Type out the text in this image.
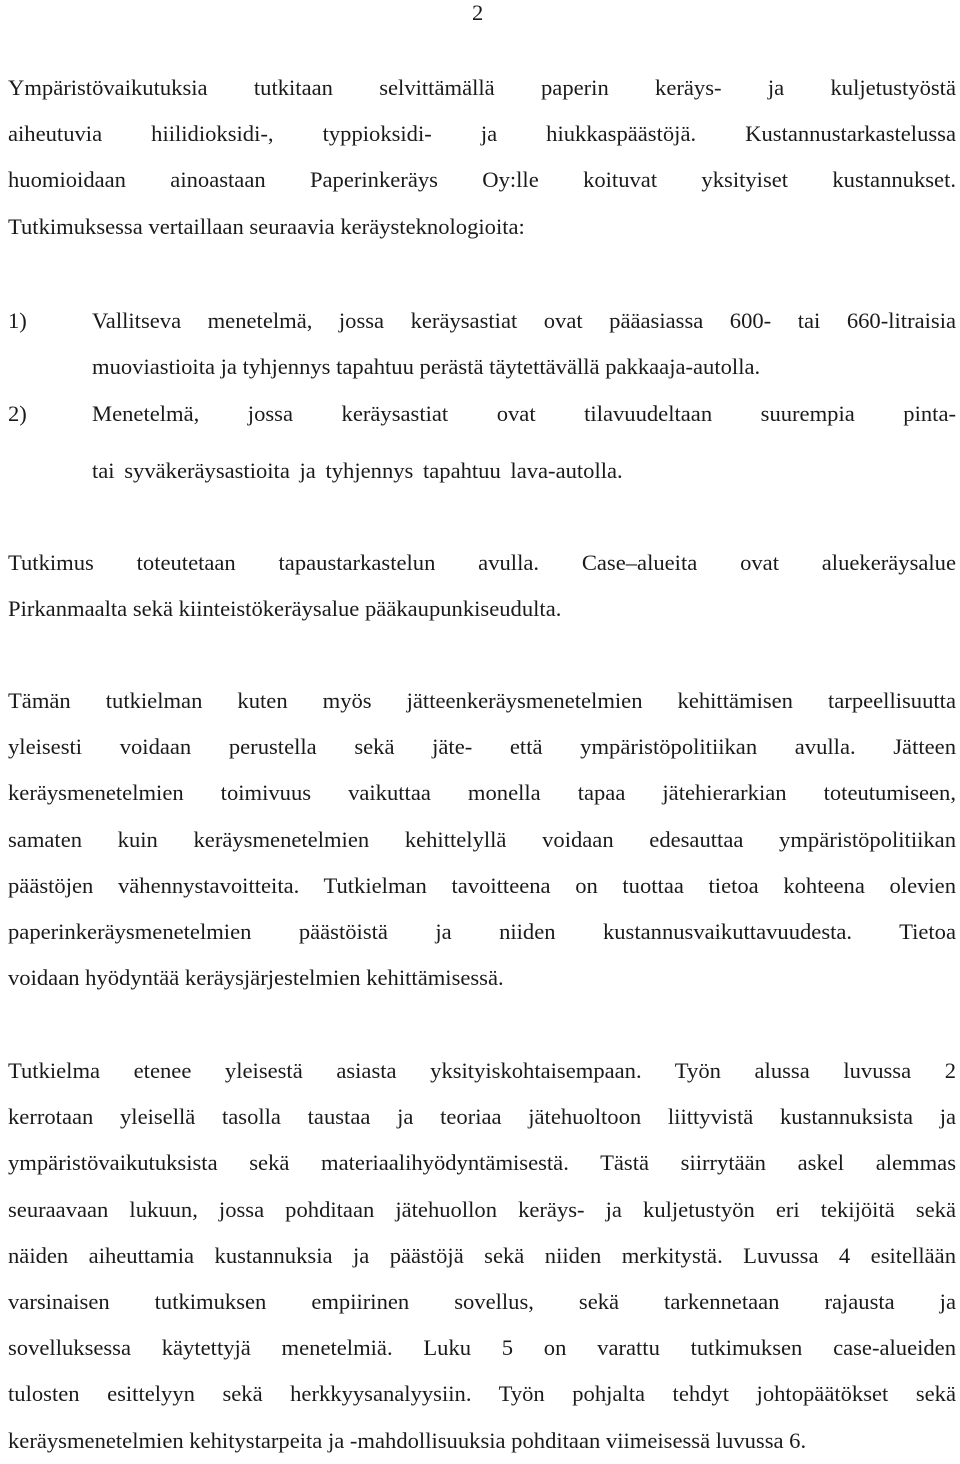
2
Ympäristövaikutuksia tutkitaan selvittämällä paperin keräys- ja kuljetustyöstä
aiheutuvia hiilidioksidi-, typpioksidi- ja hiukkaspäästöjä. Kustannustarkastelussa
huomioidaan ainoastaan Paperinkeräys Oy:lle koituvat yksityiset kustannukset.
Tutkimuksessa vertaillaan seuraavia keräysteknologioita:
1)	Vallitseva menetelmä, jossa keräysastiat ovat pääasiassa 600- tai 660-litraisia
muoviastioita ja tyhjennys tapahtuu perästä täytettävällä pakkaaja-autolla.
2)	Menetelmä, jossa keräysastiat ovat tilavuudeltaan suurempia pinta-
tai syväkeräysastioita ja tyhjennys tapahtuu lava-autolla.
Tutkimus toteutetaan tapaustarkastelun avulla. Case–alueita ovat aluekeräysalue
Pirkanmaalta sekä kiinteistökeräysalue pääkaupunkiseudulta.
Tämän tutkielman kuten myös jätteenkeräysmenetelmien kehittämisen tarpeellisuutta
yleisesti voidaan perustella sekä jäte- että ympäristöpolitiikan avulla. Jätteen
keräysmenetelmien toimivuus vaikuttaa monella tapaa jätehierarkian toteutumiseen,
samaten kuin keräysmenetelmien kehittelyllä voidaan edesauttaa ympäristöpolitiikan
päästöjen vähennystavoitteita. Tutkielman tavoitteena on tuottaa tietoa kohteena olevien
paperinkeräysmenetelmien päästöistä ja niiden kustannusvaikuttavuudesta. Tietoa
voidaan hyödyntää keräysjärjestelmien kehittämisessä.
Tutkielma etenee yleisestä asiasta yksityiskohtaisempaan. Työn alussa luvussa 2
kerrotaan yleisellä tasolla taustaa ja teoriaa jätehuoltoon liittyvistä kustannuksista ja
ympäristövaikutuksista sekä materiaalihyödyntämisestä. Tästä siirrytään askel alemmas
seuraavaan lukuun, jossa pohditaan jätehuollon keräys- ja kuljetustyön eri tekijöitä sekä
näiden aiheuttamia kustannuksia ja päästöjä sekä niiden merkitystä. Luvussa 4 esitellään
varsinaisen tutkimuksen empiirinen sovellus, sekä tarkennetaan rajausta ja
sovelluksessa käytettyjä menetelmiä. Luku 5 on varattu tutkimuksen case-alueiden
tulosten esittelyyn sekä herkkyysanalyysiin. Työn pohjalta tehdyt johtopäätökset sekä
keräysmenetelmien kehitystarpeita ja -mahdollisuuksia pohditaan viimeisessä luvussa 6.
